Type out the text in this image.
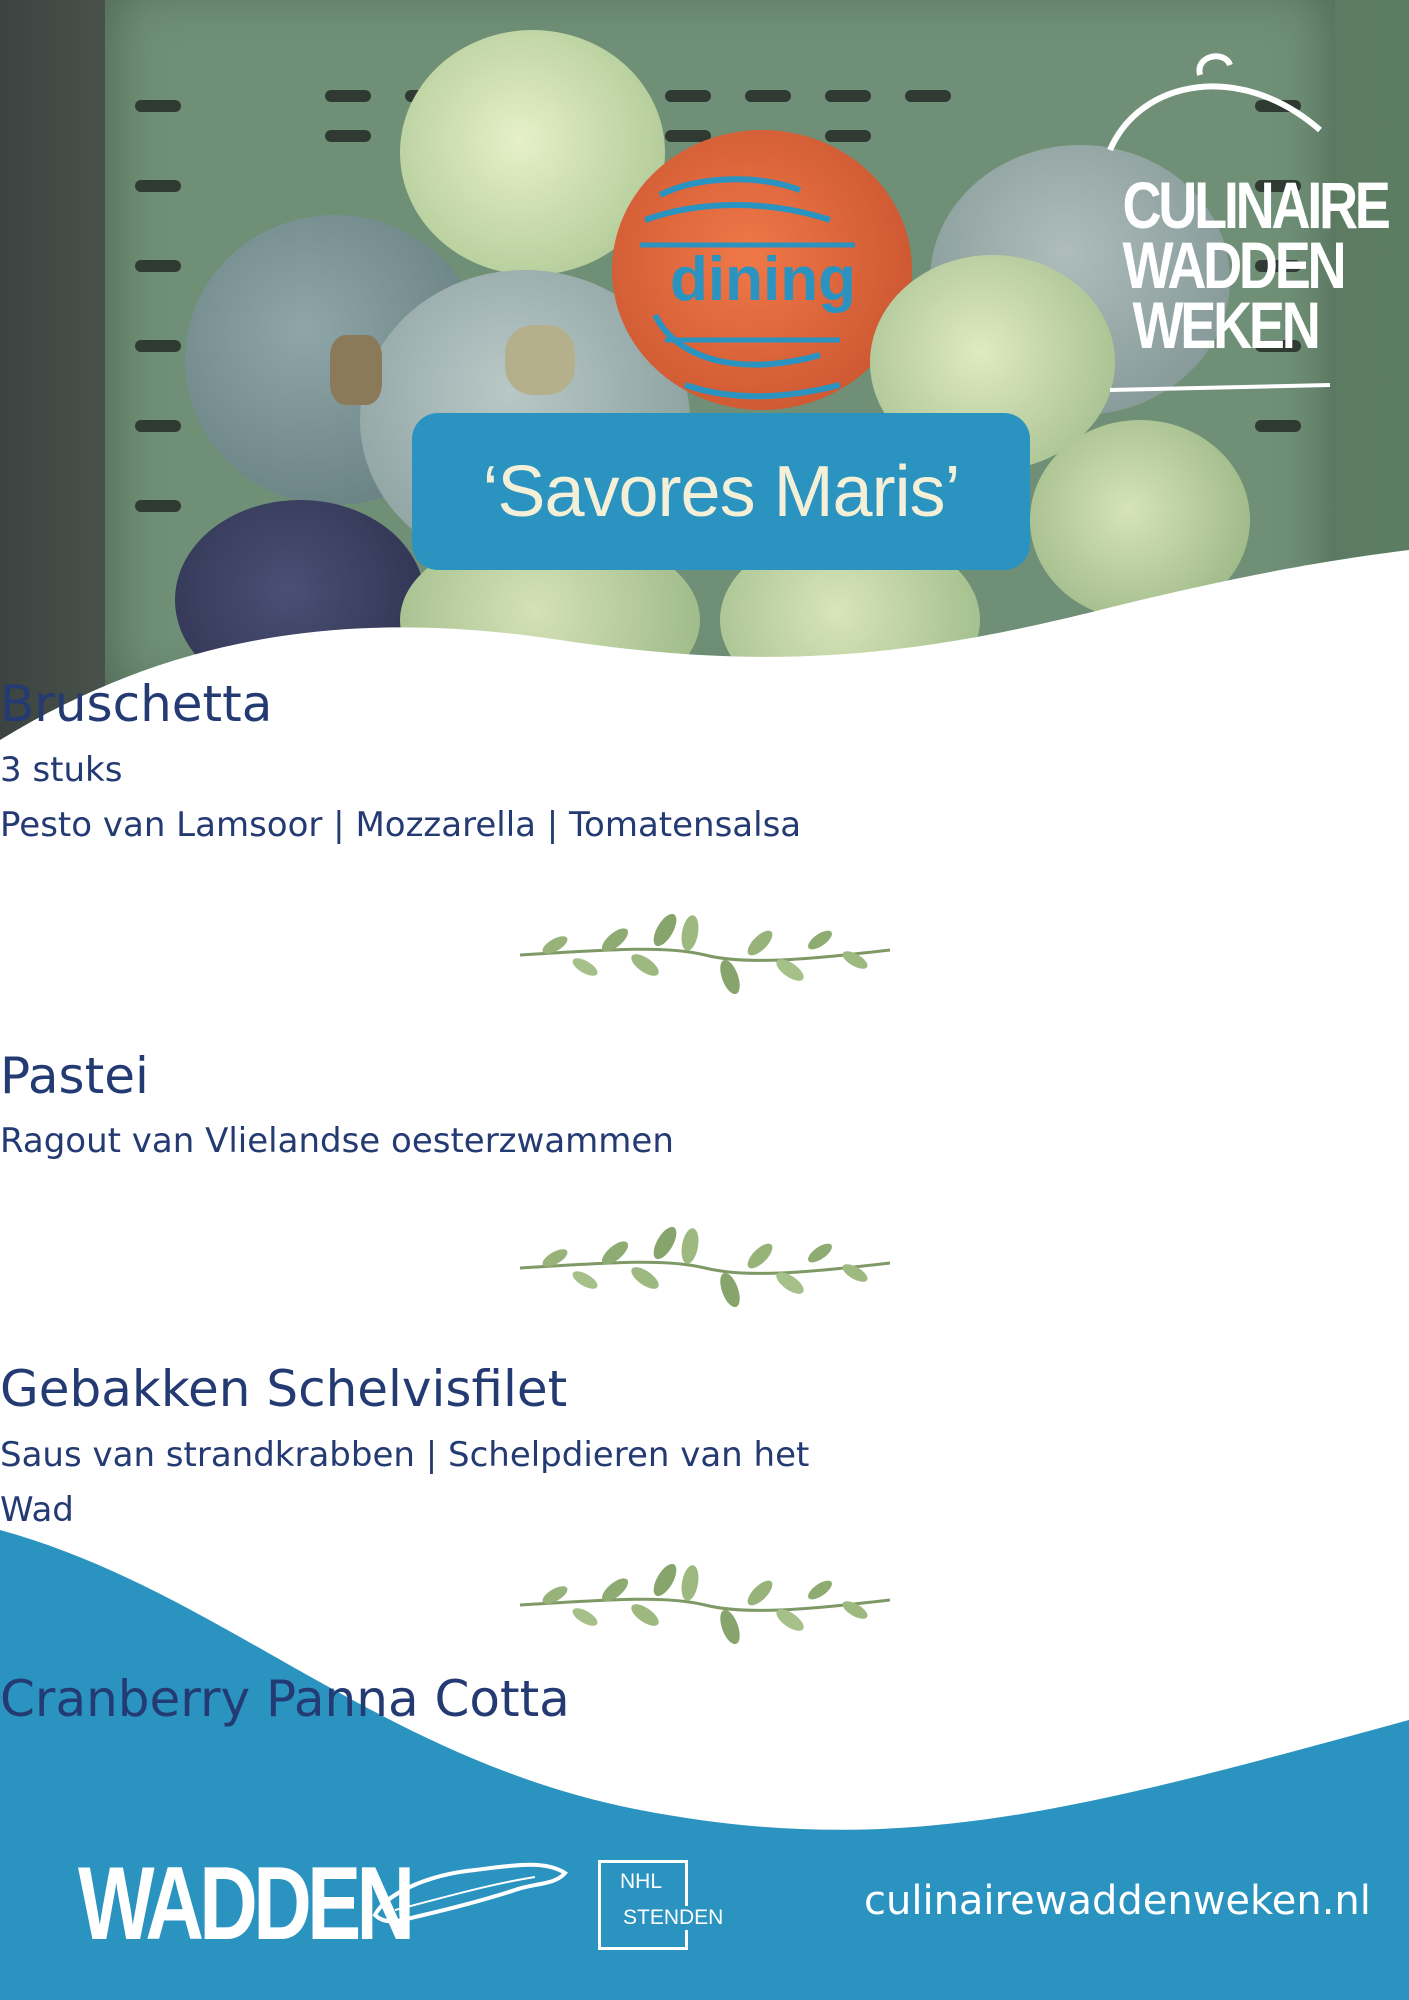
dining
CULINAIRE
WADDEN
WEKEN
‘Savores Maris’
Bruschetta
3 stuks
Pesto van Lamsoor | Mozzarella | Tomatensalsa
Pastei
Ragout van Vlielandse oesterzwammen
Gebakken Schelvisfilet
Saus van strandkrabben | Schelpdieren van het
Wad
Cranberry Panna Cotta
WADDEN	NHL
STENDEN	culinairewaddenweken.nl
